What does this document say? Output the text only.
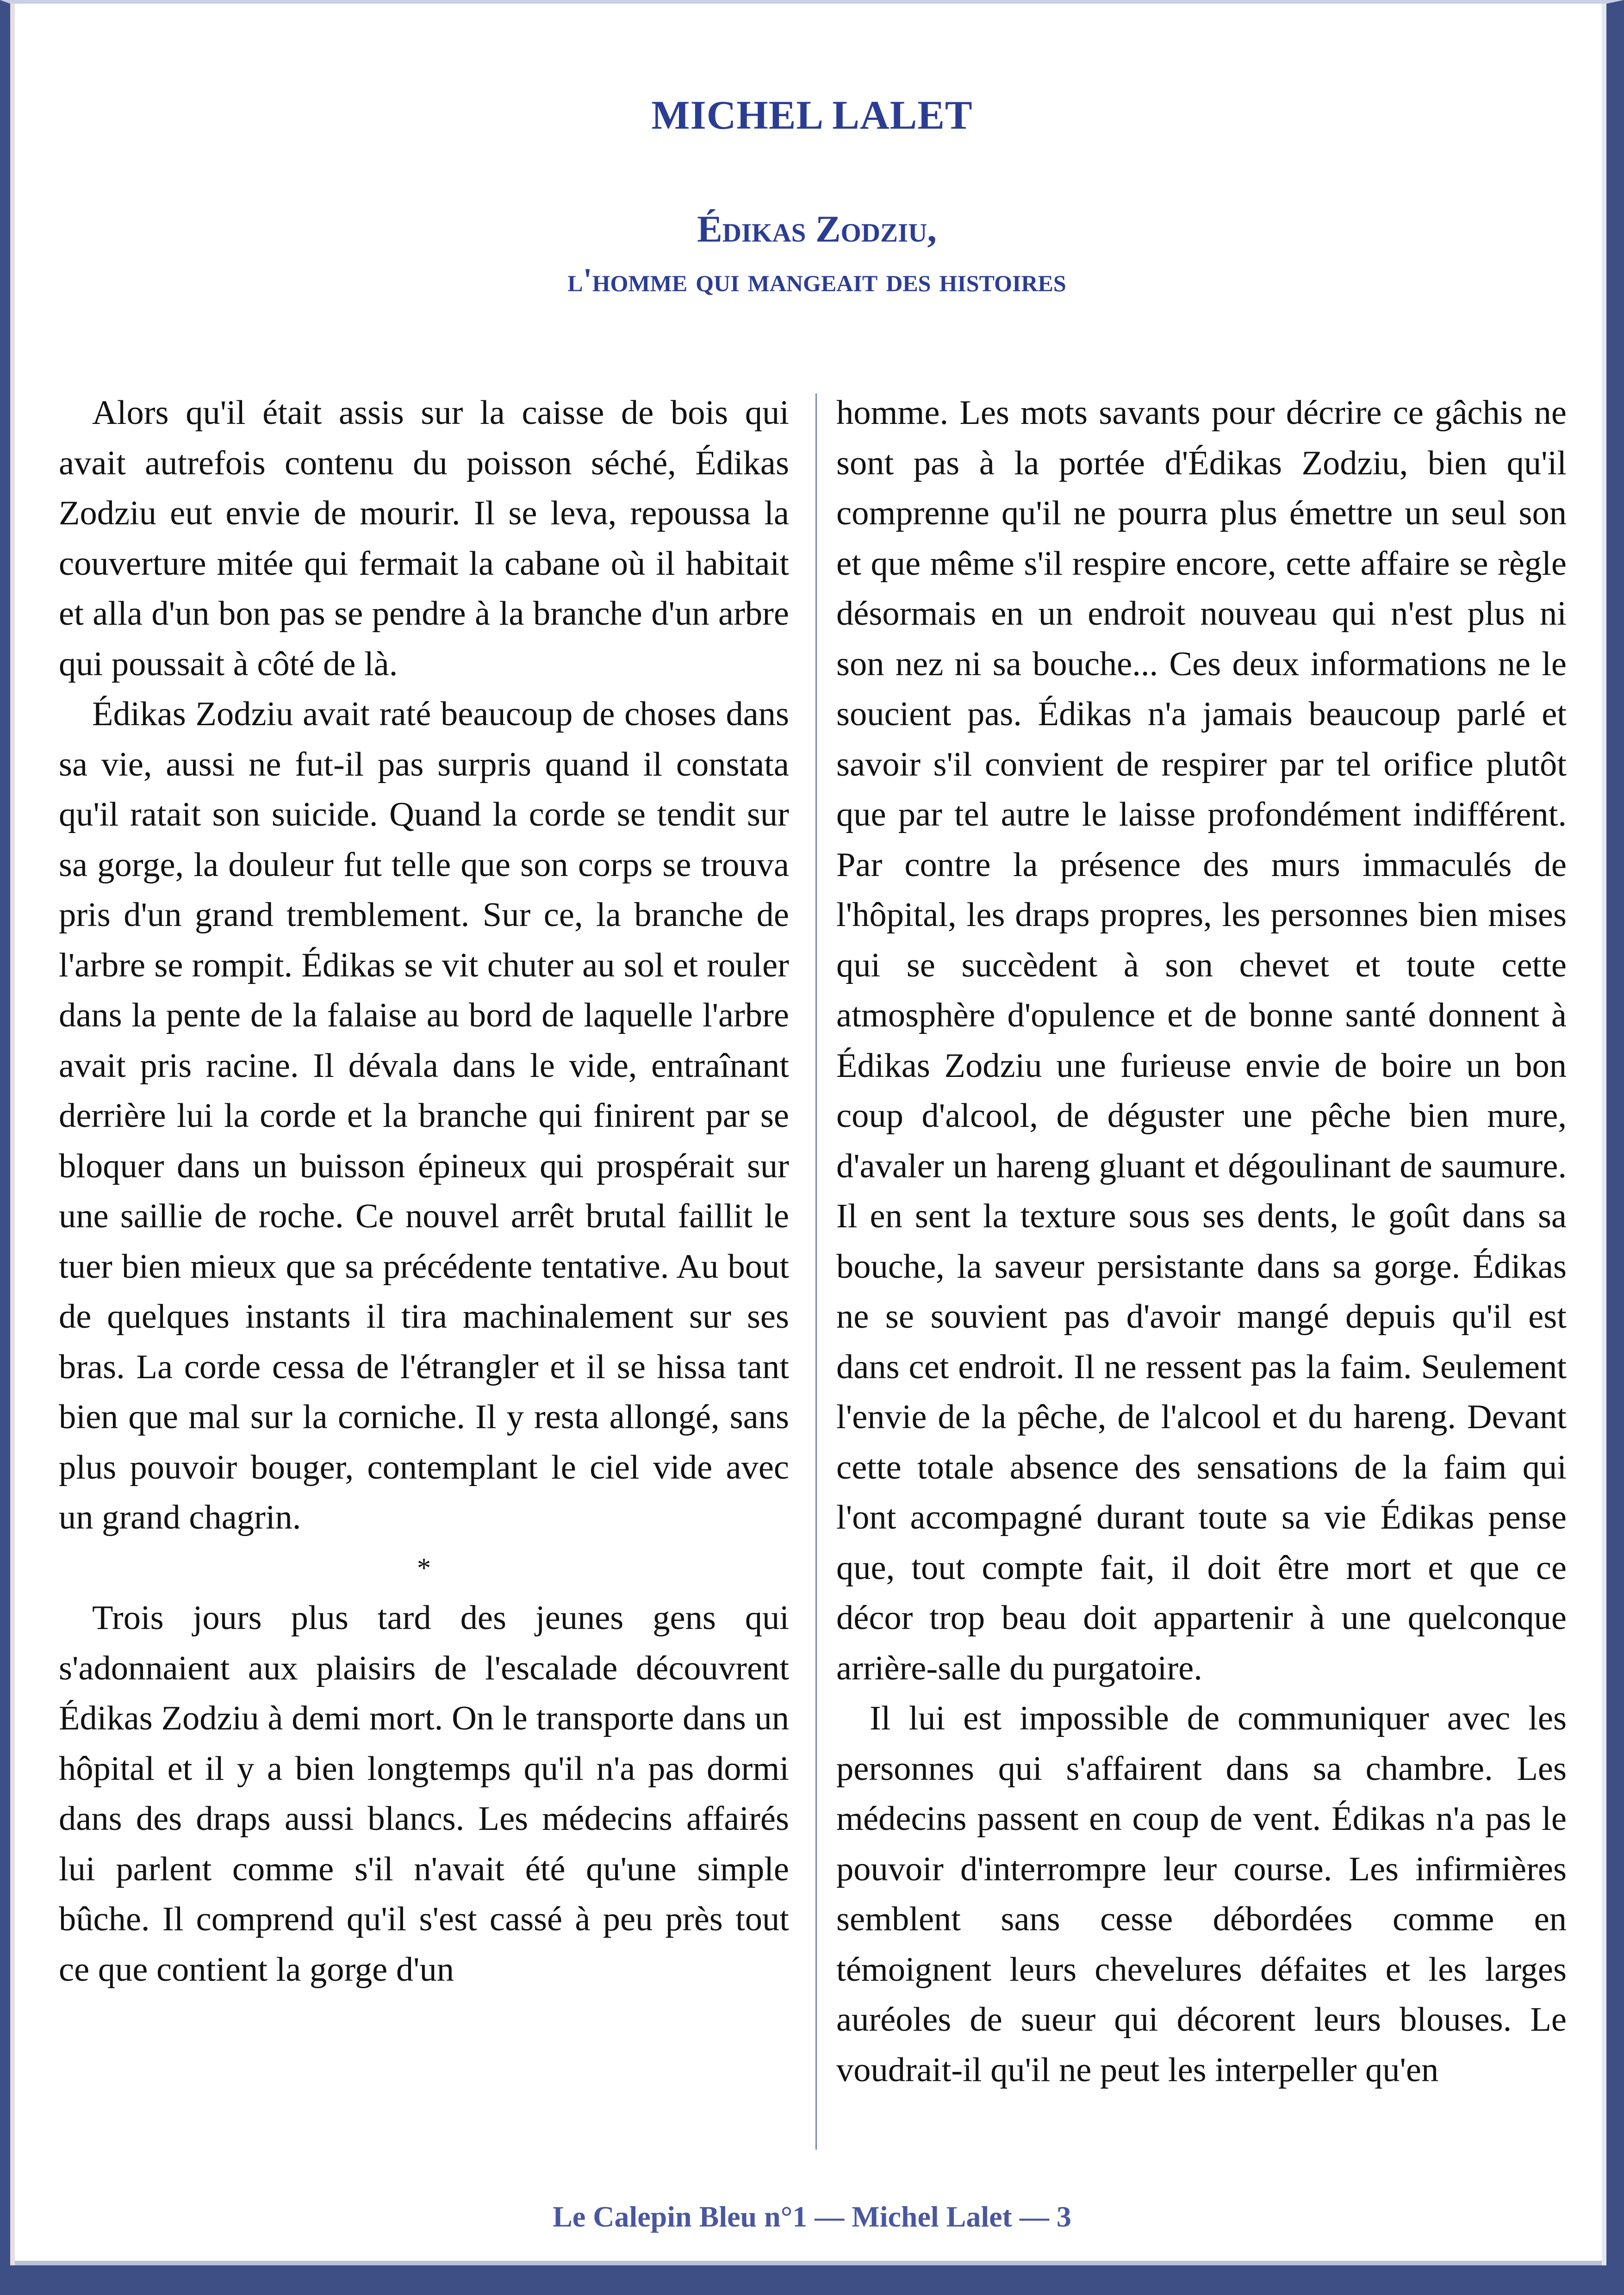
MICHEL LALET
Édikas Zodziu,
l'homme qui mangeait des histoires

Alors qu'il était assis sur la caisse de bois qui avait autrefois contenu du poisson séché, Édikas Zodziu eut envie de mourir. Il se leva, repoussa la couverture mitée qui fermait la cabane où il habitait et alla d'un bon pas se pendre à la branche d'un arbre qui poussait à côté de là.

Édikas Zodziu avait raté beaucoup de choses dans sa vie, aussi ne fut-il pas surpris quand il constata qu'il ratait son suicide. Quand la corde se tendit sur sa gorge, la douleur fut telle que son corps se trouva pris d'un grand tremblement. Sur ce, la branche de l'arbre se rompit. Édikas se vit chuter au sol et rouler dans la pente de la falaise au bord de laquelle l'arbre avait pris racine. Il dévala dans le vide, entraînant derrière lui la corde et la branche qui finirent par se bloquer dans un buisson épineux qui prospérait sur une saillie de roche. Ce nouvel arrêt brutal faillit le tuer bien mieux que sa précédente tentative. Au bout de quelques instants il tira machinalement sur ses bras. La corde cessa de l'étrangler et il se hissa tant bien que mal sur la corniche. Il y resta allongé, sans plus pouvoir bouger, contemplant le ciel vide avec un grand chagrin.

*

Trois jours plus tard des jeunes gens qui s'adonnaient aux plaisirs de l'escalade découvrent Édikas Zodziu à demi mort. On le transporte dans un hôpital et il y a bien longtemps qu'il n'a pas dormi dans des draps aussi blancs. Les médecins affairés lui parlent comme s'il n'avait été qu'une simple bûche. Il comprend qu'il s'est cassé à peu près tout ce que contient la gorge d'un

homme. Les mots savants pour décrire ce gâchis ne sont pas à la portée d'Édikas Zodziu, bien qu'il comprenne qu'il ne pourra plus émettre un seul son et que même s'il respire encore, cette affaire se règle désormais en un endroit nouveau qui n'est plus ni son nez ni sa bouche... Ces deux informations ne le soucient pas. Édikas n'a jamais beaucoup parlé et savoir s'il convient de respirer par tel orifice plutôt que par tel autre le laisse profondément indifférent. Par contre la présence des murs immaculés de l'hôpital, les draps propres, les personnes bien mises qui se succèdent à son chevet et toute cette atmosphère d'opulence et de bonne santé donnent à Édikas Zodziu une furieuse envie de boire un bon coup d'alcool, de déguster une pêche bien mure, d'avaler un hareng gluant et dégoulinant de saumure. Il en sent la texture sous ses dents, le goût dans sa bouche, la saveur persistante dans sa gorge. Édikas ne se souvient pas d'avoir mangé depuis qu'il est dans cet endroit. Il ne ressent pas la faim. Seulement l'envie de la pêche, de l'alcool et du hareng. Devant cette totale absence des sensations de la faim qui l'ont accompagné durant toute sa vie Édikas pense que, tout compte fait, il doit être mort et que ce décor trop beau doit appartenir à une quelconque arrière-salle du purgatoire.

Il lui est impossible de communiquer avec les personnes qui s'affairent dans sa chambre. Les médecins passent en coup de vent. Édikas n'a pas le pouvoir d'interrompre leur course. Les infirmières semblent sans cesse débordées comme en témoignent leurs chevelures défaites et les larges auréoles de sueur qui décorent leurs blouses. Le voudrait-il qu'il ne peut les interpeller qu'en

Le Calepin Bleu n°1 — Michel Lalet — 3
